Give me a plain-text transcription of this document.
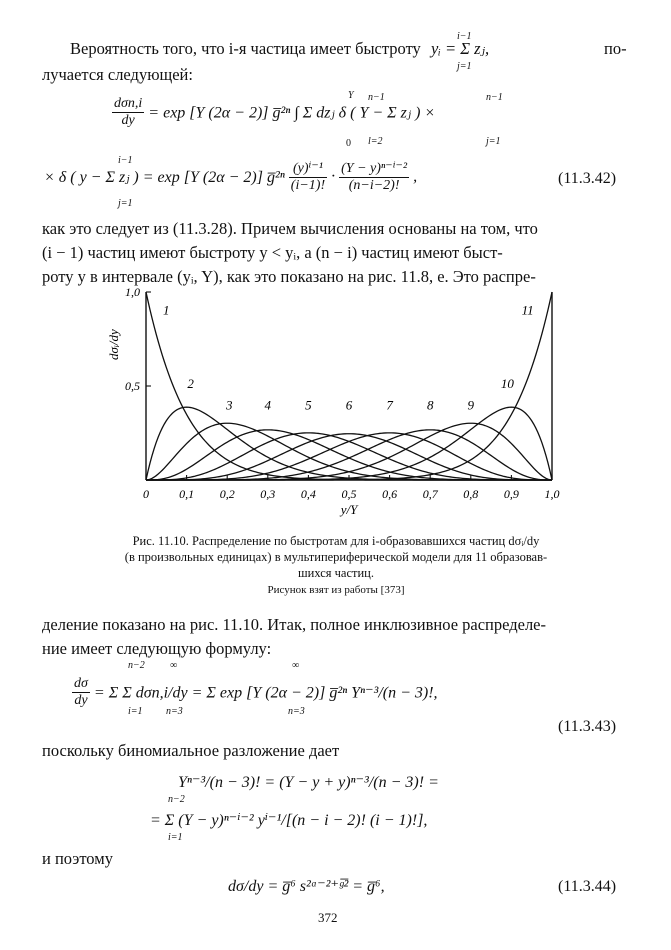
Вероятность того, что i-я частица имеет быстроту yᵢ = Σ zⱼ,
i−1
j=1
по-
лучается следующей:
$\frac{\text{dσn,i}}{dy} = \exp [Y$ (2α − 2)] g̅²ⁿ ∫ Σ dzⱼ δ ( Y − Σ zⱼ ) ×
Y
0
n−1
l=2
n−1
j=1
× δ ( y − Σ zⱼ ) = exp [Y (2α − 2)] g̅²ⁿ $\frac{\text{(y)ⁱ⁻¹}}{(i-1)!} \cdot \frac{\text{(Y − y)ⁿ⁻ⁱ⁻²}}{(n-i-2)!}$ ,
i−1
j=1
(11.3.42)
как это следует из (11.3.28). Причем вычисления основаны на том, что
(i − 1) частиц имеют быстроту y < yᵢ, а (n − i) частиц имеют быст-
роту y в интервале (yᵢ, Y), как это показано на рис. 11.8, е. Это распре-
0	0,1 0,2 0,3 0,4 0,5 0,6 0,7 0,8 0,9 1,0
1,0
0,5
y/Y
dσᵢ/dy
1
2
3 4	5	6	7	8	9
10
11
Рис. 11.10. Распределение по быстротам для i-образовавшихся частиц dσᵢ/dy
(в произвольных единицах) в мультипериферической модели для 11 образовав-
шихся частиц.
Рисунок взят из работы [373]
деление показано на рис. 11.10. Итак, полное инклюзивное распределе-
ние имеет следующую формулу:
$\frac{d\sigma}{dy} = \Sigma$ Σ dσn,i/dy = Σ exp [Y (2α − 2)] g̅²ⁿ Yⁿ⁻³/(n − 3)!,
n−2
i=1
∞
n=3
∞
n=3
(11.3.43)
поскольку биномиальное разложение дает
Yⁿ⁻³/(n − 3)! = (Y − y + y)ⁿ⁻³/(n − 3)! =
= Σ (Y − y)ⁿ⁻ⁱ⁻² yⁱ⁻¹/[(n − i − 2)! (i − 1)!],
n−2
i=1
и поэтому
dσ/dy = g̅⁶ s²ᵅ⁻²⁺ᵍ̅² = g̅⁶,	(11.3.44)
372
